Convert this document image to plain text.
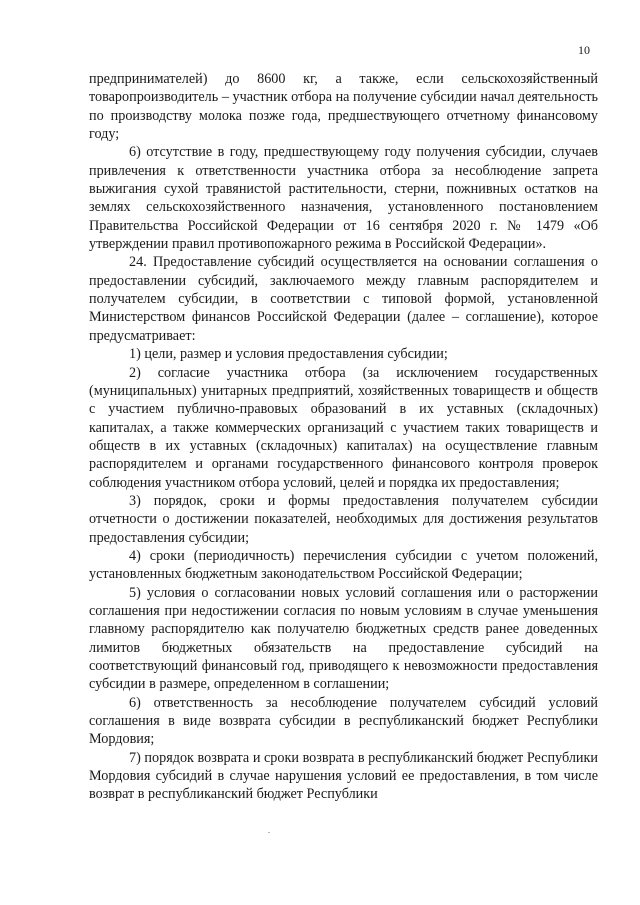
10

предпринимателей) до 8600 кг, а также, если сельскохозяйственный товаропроизводитель – участник отбора на получение субсидии начал деятельность по производству молока позже года, предшествующего отчетному финансовому году;

6) отсутствие в году, предшествующему году получения субсидии, случаев привлечения к ответственности участника отбора за несоблюдение запрета выжигания сухой травянистой растительности, стерни, пожнивных остатков на землях сельскохозяйственного назначения, установленного постановлением Правительства Российской Федерации от 16 сентября 2020 г. № 1479 «Об утверждении правил противопожарного режима в Российской Федерации».

24. Предоставление субсидий осуществляется на основании соглашения о предоставлении субсидий, заключаемого между главным распорядителем и получателем субсидии, в соответствии с типовой формой, установленной Министерством финансов Российской Федерации (далее – соглашение), которое предусматривает:

1) цели, размер и условия предоставления субсидии;

2) согласие участника отбора (за исключением государственных (муниципальных) унитарных предприятий, хозяйственных товариществ и обществ с участием публично-правовых образований в их уставных (складочных) капиталах, а также коммерческих организаций с участием таких товариществ и обществ в их уставных (складочных) капиталах) на осуществление главным распорядителем и органами государственного финансового контроля проверок соблюдения участником отбора условий, целей и порядка их предоставления;

3) порядок, сроки и формы предоставления получателем субсидии отчетности о достижении показателей, необходимых для достижения результатов предоставления субсидии;

4) сроки (периодичность) перечисления субсидии с учетом положений, установленных бюджетным законодательством Российской Федерации;

5) условия о согласовании новых условий соглашения или о расторжении соглашения при недостижении согласия по новым условиям в случае уменьшения главному распорядителю как получателю бюджетных средств ранее доведенных лимитов бюджетных обязательств на предоставление субсидий на соответствующий финансовый год, приводящего к невозможности предоставления субсидии в размере, определенном в соглашении;

6) ответственность за несоблюдение получателем субсидий условий соглашения в виде возврата субсидии в республиканский бюджет Республики Мордовия;

7) порядок возврата и сроки возврата в республиканский бюджет Республики Мордовия субсидий в случае нарушения условий ее предоставления, в том числе возврат в республиканский бюджет Республики
